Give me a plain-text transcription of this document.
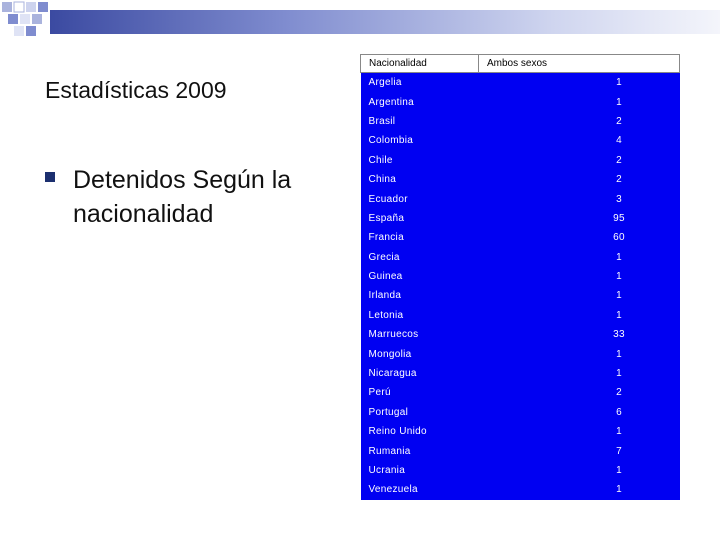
Estadísticas 2009
Detenidos Según la nacionalidad
Nacionalidad	Ambos sexos
Argelia	1
Argentina	1
Brasil	2
Colombia	4
Chile	2
China	2
Ecuador	3
España	95
Francia	60
Grecia	1
Guinea	1
Irlanda	1
Letonia	1
Marruecos	33
Mongolia	1
Nicaragua	1
Perú	2
Portugal	6
Reino Unido	1
Rumania	7
Ucrania	1
Venezuela	1
